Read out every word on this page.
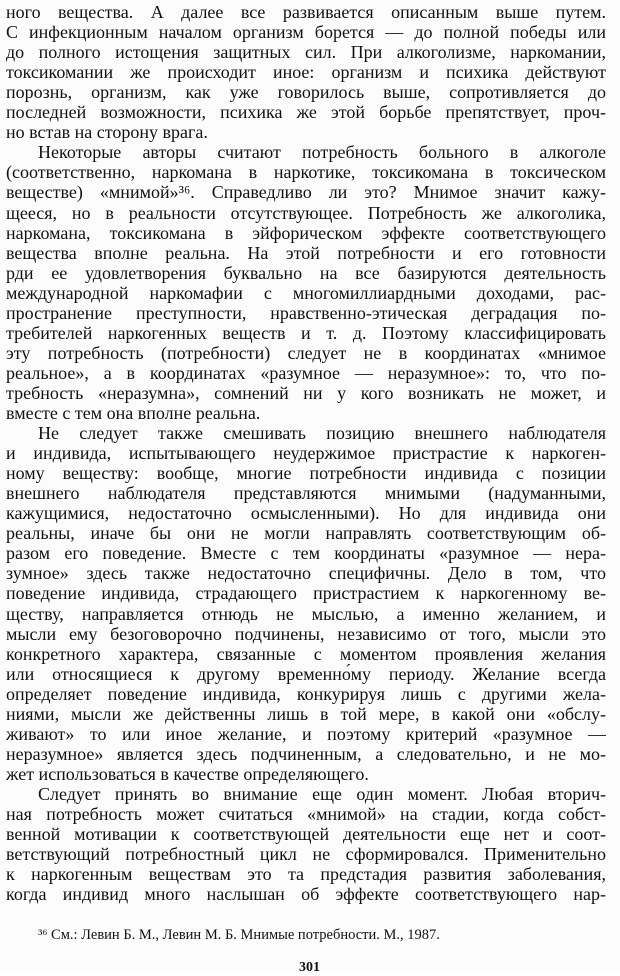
ного вещества. А далее все развивается описанным выше путем.
С инфекционным началом организм борется — до полной победы или
до полного истощения защитных сил. При алкоголизме, наркомании,
токсикомании же происходит иное: организм и психика действуют
порознь, организм, как уже говорилось выше, сопротивляется до
последней возможности, психика же этой борьбе препятствует, проч-
но встав на сторону врага.
Некоторые авторы считают потребность больного в алкоголе
(соответственно, наркомана в наркотике, токсикомана в токсическом
веществе) «мнимой»³⁶. Справедливо ли это? Мнимое значит кажу-
щееся, но в реальности отсутствующее. Потребность же алкоголика,
наркомана, токсикомана в эйфорическом эффекте соответствующего
вещества вполне реальна. На этой потребности и его готовности
рди ее удовлетворения буквально на все базируются деятельность
международной наркомафии с многомиллиардными доходами, рас-
пространение преступности, нравственно-этическая деградация по-
требителей наркогенных веществ и т. д. Поэтому классифицировать
эту потребность (потребности) следует не в координатах «мнимое
реальное», а в координатах «разумное — неразумное»: то, что по-
требность «неразумна», сомнений ни у кого возникать не может, и
вместе с тем она вполне реальна.
Не следует также смешивать позицию внешнего наблюдателя
и индивида, испытывающего неудержимое пристрастие к наркоген-
ному веществу: вообще, многие потребности индивида с позиции
внешнего наблюдателя представляются мнимыми (надуманными,
кажущимися, недостаточно осмысленными). Но для индивида они
реальны, иначе бы они не могли направлять соответствующим об-
разом его поведение. Вместе с тем координаты «разумное — нера-
зумное» здесь также недостаточно специфичны. Дело в том, что
поведение индивида, страдающего пристрастием к наркогенному ве-
ществу, направляется отнюдь не мыслью, а именно желанием, и
мысли ему безоговорочно подчинены, независимо от того, мысли это
конкретного характера, связанные с моментом проявления желания
или относящиеся к другому временно́му периоду. Желание всегда
определяет поведение индивида, конкурируя лишь с другими жела-
ниями, мысли же действенны лишь в той мере, в какой они «обслу-
живают» то или иное желание, и поэтому критерий «разумное —
неразумное» является здесь подчиненным, а следовательно, и не мо-
жет использоваться в качестве определяющего.
Следует принять во внимание еще один момент. Любая вторич-
ная потребность может считаться «мнимой» на стадии, когда собст-
венной мотивации к соответствующей деятельности еще нет и соот-
ветствующий потребностный цикл не сформировался. Применительно
к наркогенным веществам это та предстадия развития заболевания,
когда индивид много наслышан об эффекте соответствующего нар-
³⁶ См.: Левин Б. М., Левин М. Б. Мнимые потребности. М., 1987.
301
